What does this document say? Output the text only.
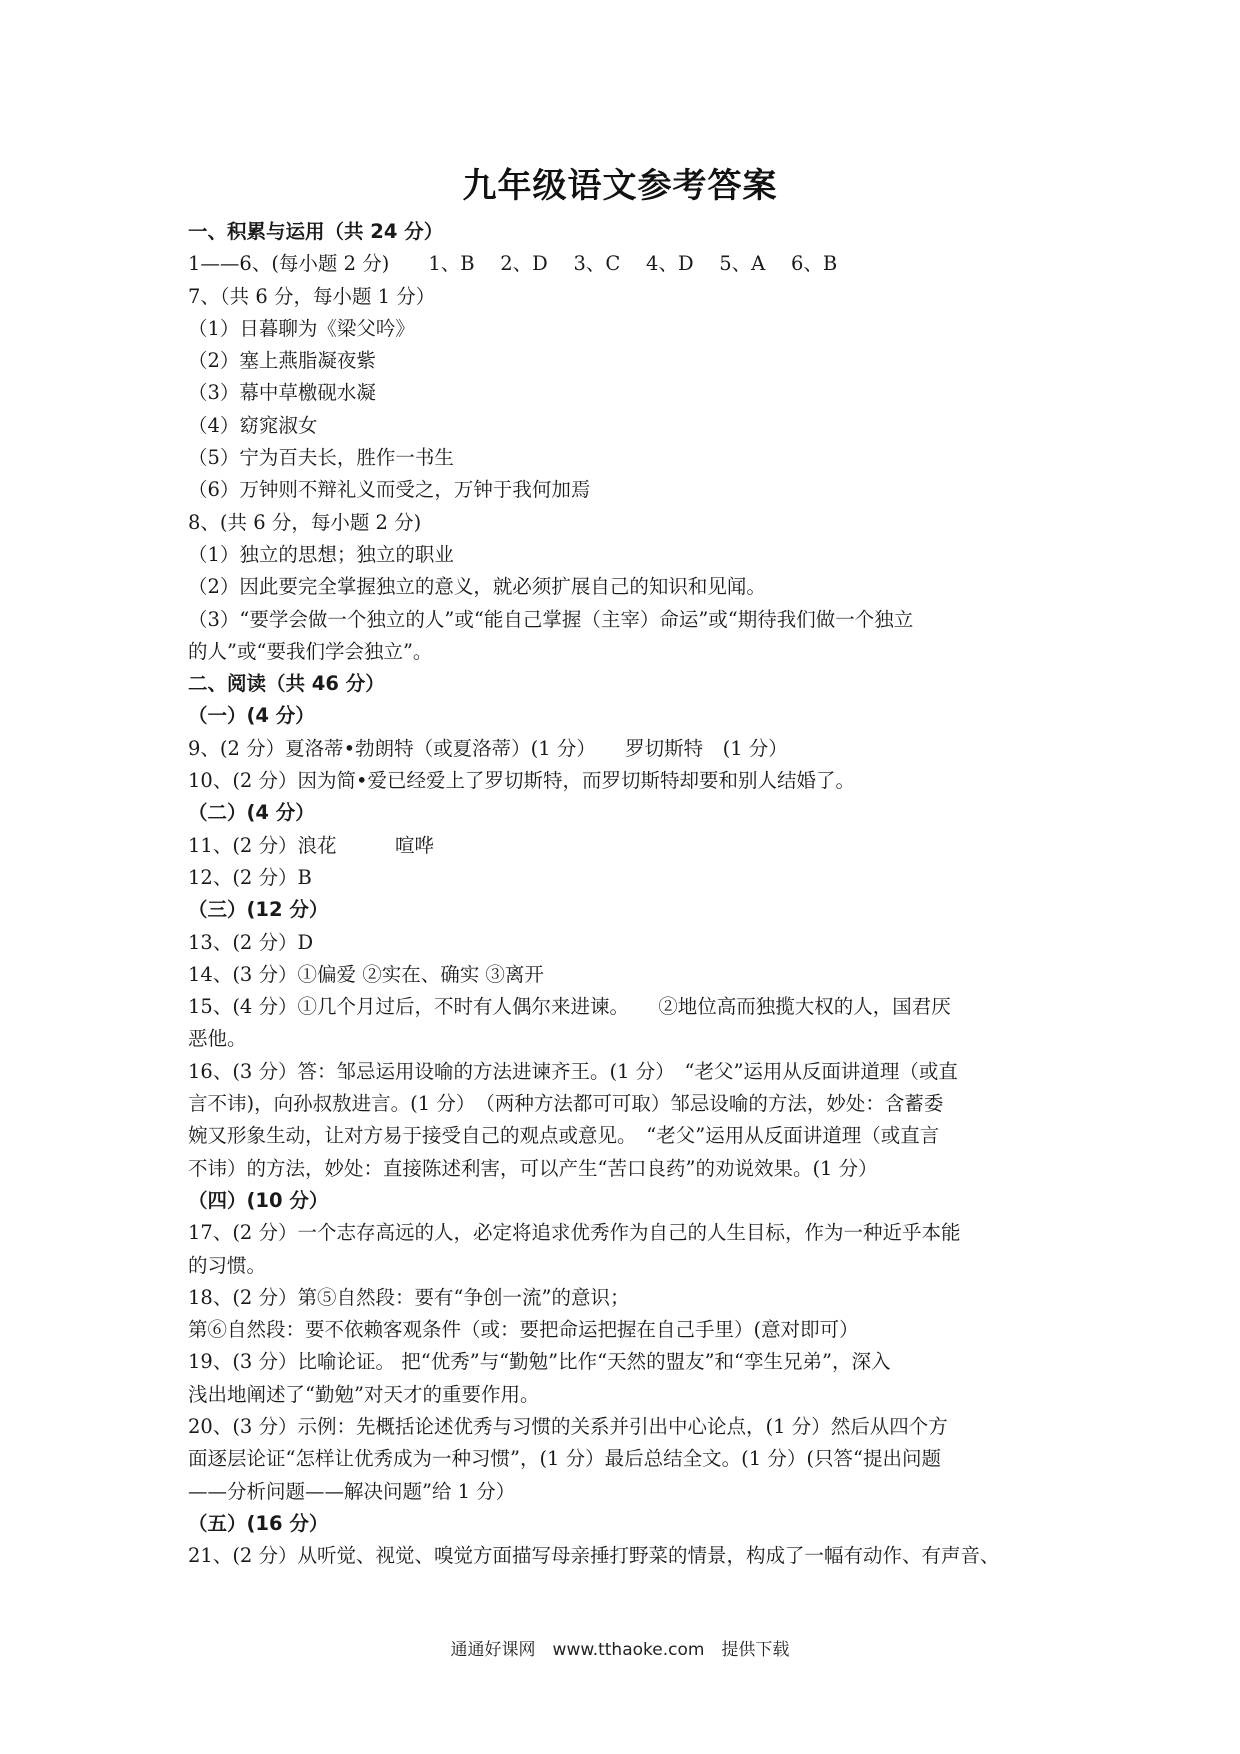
九年级语文参考答案
一、积累与运用（共 24 分）
1——6、(每小题 2 分)　　1、B　 2、D　 3、C　 4、D　 5、A　 6、B
7、（共 6 分，每小题 1 分）
（1）日暮聊为《梁父吟》
（2）塞上燕脂凝夜紫
（3）幕中草檄砚水凝
（4）窈窕淑女
（5）宁为百夫长，胜作一书生
（6）万钟则不辩礼义而受之，万钟于我何加焉
8、(共 6 分，每小题 2 分)
（1）独立的思想；独立的职业
（2）因此要完全掌握独立的意义，就必须扩展自己的知识和见闻。
（3）“要学会做一个独立的人”或“能自己掌握（主宰）命运”或“期待我们做一个独立
的人”或“要我们学会独立”。
二、阅读（共 46 分）
（一）(4 分）
9、(2 分）夏洛蒂•勃朗特（或夏洛蒂）(1 分）　　罗切斯特　(1 分）
10、(2 分）因为简•爱已经爱上了罗切斯特，而罗切斯特却要和别人结婚了。
（二）(4 分）
11、(2 分）浪花　　　喧哗
12、(2 分）B
（三）(12 分）
13、(2 分）D
14、(3 分）①偏爱 ②实在、确实 ③离开
15、(4 分）①几个月过后，不时有人偶尔来进谏。　　②地位高而独揽大权的人，国君厌
恶他。
16、(3 分）答：邹忌运用设喻的方法进谏齐王。(1 分）　“老父”运用从反面讲道理（或直
言不讳)，向孙叔敖进言。(1 分）　（两种方法都可可取）邹忌设喻的方法，妙处：含蓄委
婉又形象生动，让对方易于接受自己的观点或意见。　“老父”运用从反面讲道理（或直言
不讳）的方法，妙处：直接陈述利害，可以产生“苦口良药”的劝说效果。(1 分）
（四）(10 分）
17、(2 分）一个志存高远的人，必定将追求优秀作为自己的人生目标，作为一种近乎本能
的习惯。
18、(2 分）第⑤自然段：要有“争创一流”的意识；
第⑥自然段：要不依赖客观条件（或：要把命运把握在自己手里）(意对即可）
19、(3 分）比喻论证。 把“优秀”与“勤勉”比作“天然的盟友”和“孪生兄弟”，深入
浅出地阐述了“勤勉”对天才的重要作用。
20、(3 分）示例：先概括论述优秀与习惯的关系并引出中心论点，(1 分）然后从四个方
面逐层论证“怎样让优秀成为一种习惯”，(1 分）最后总结全文。(1 分）(只答“提出问题
——分析问题——解决问题”给 1 分）
（五）(16 分）
21、(2 分）从听觉、视觉、嗅觉方面描写母亲捶打野菜的情景，构成了一幅有动作、有声音、
通通好课网　www.tthaoke.com　提供下载
